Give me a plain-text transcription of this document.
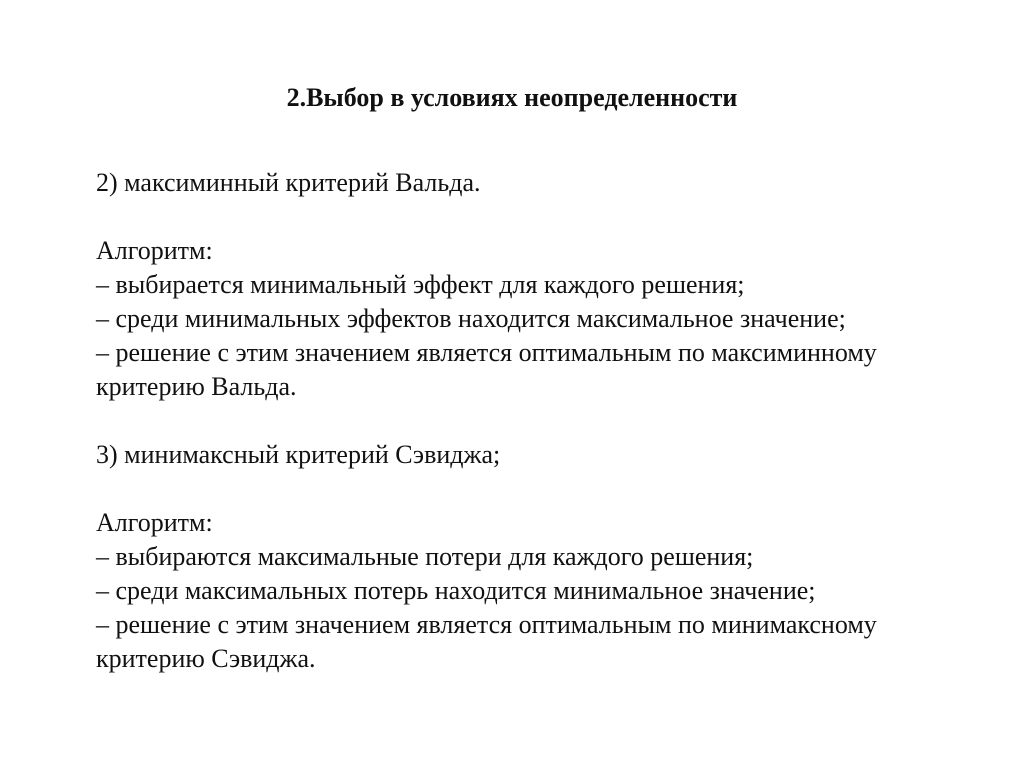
2.Выбор в условиях неопределенности

2) максиминный критерий Вальда.

Алгоритм:

– выбирается минимальный эффект для каждого решения;

– среди минимальных эффектов находится максимальное значение;

– решение с этим значением является оптимальным по максиминному

критерию Вальда.

3) минимаксный критерий Сэвиджа;

Алгоритм:

– выбираются максимальные потери для каждого решения;

– среди максимальных потерь находится минимальное значение;

– решение с этим значением является оптимальным по минимаксному

критерию Сэвиджа.
